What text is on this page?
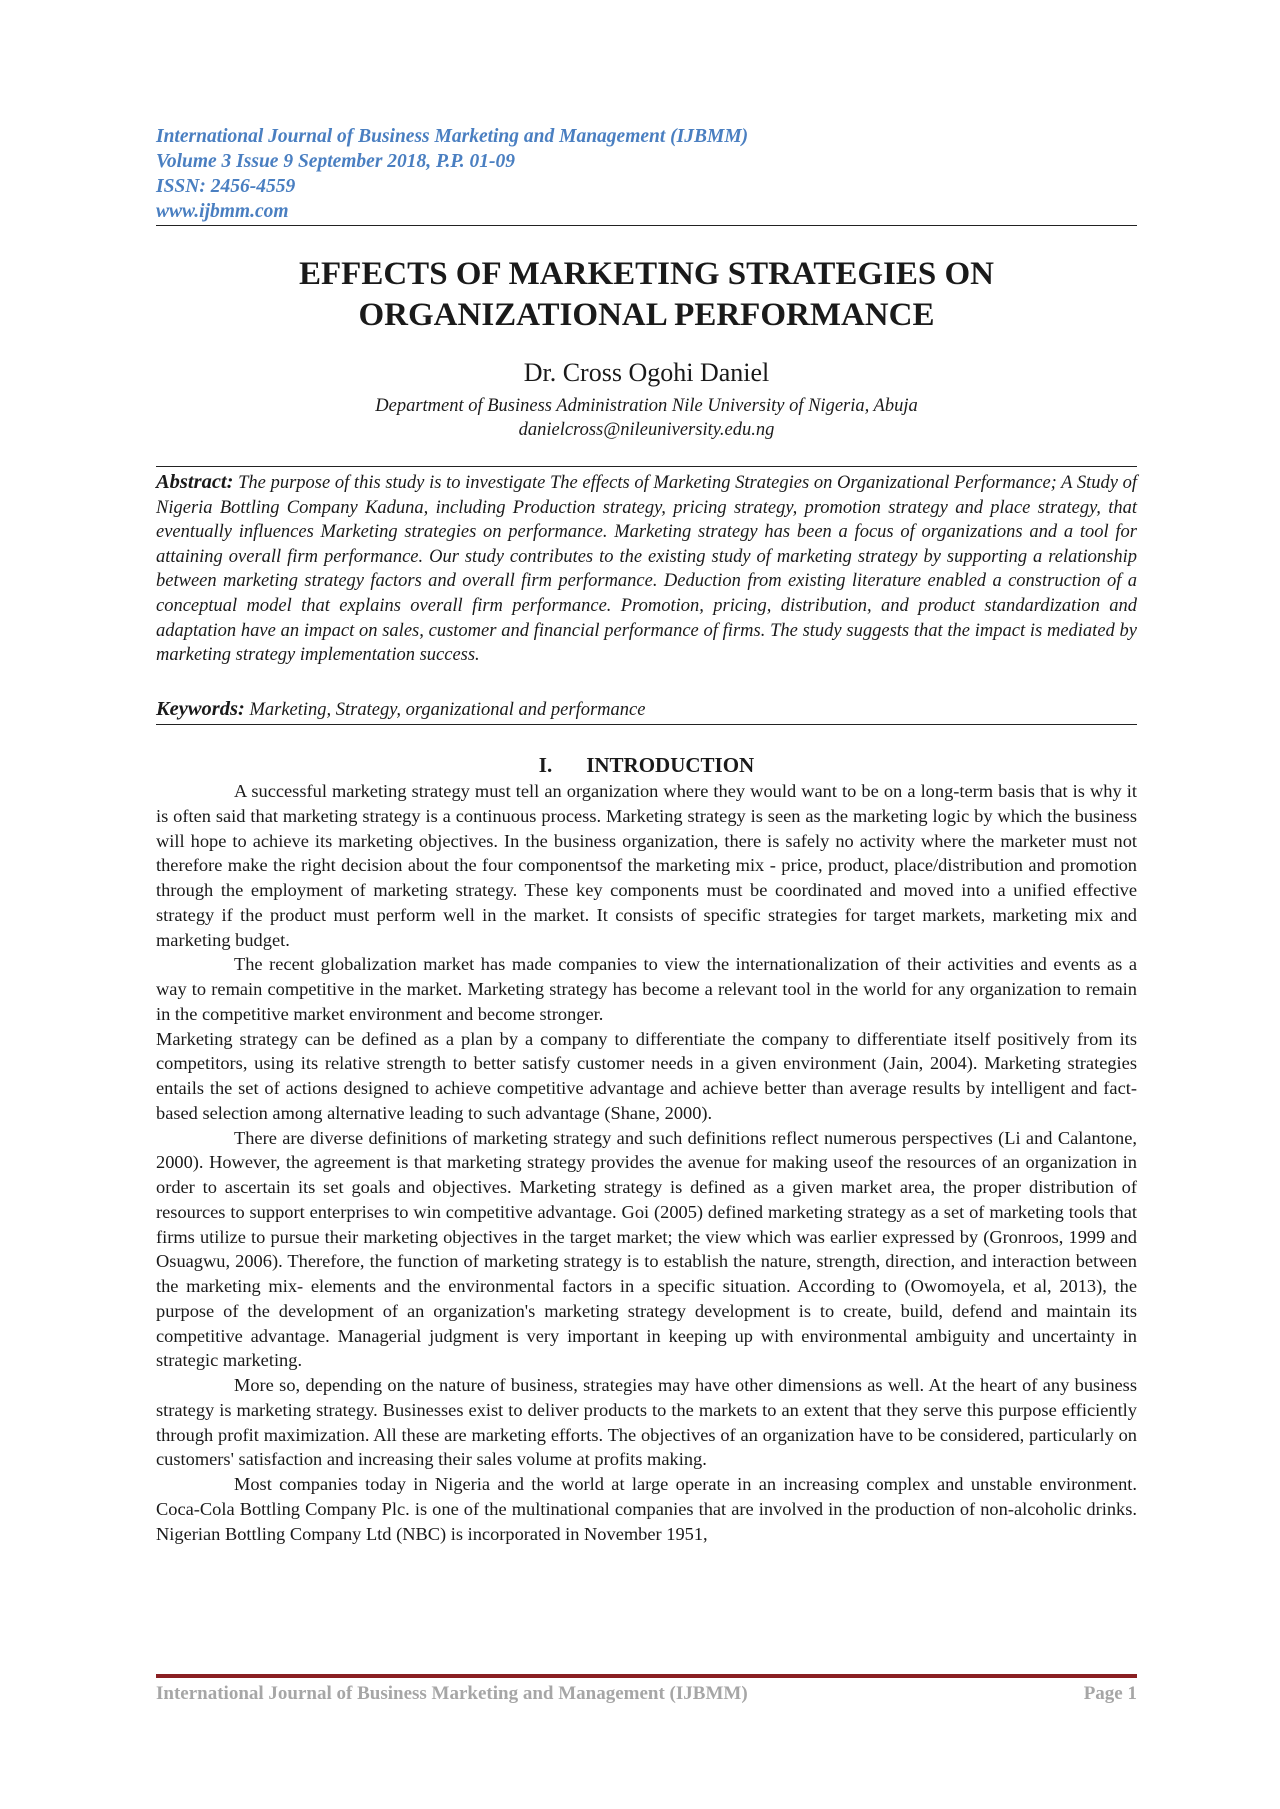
International Journal of Business Marketing and Management (IJBMM)
Volume 3 Issue 9 September 2018, P.P. 01-09
ISSN: 2456-4559
www.ijbmm.com
EFFECTS OF MARKETING STRATEGIES ON
ORGANIZATIONAL PERFORMANCE
Dr. Cross Ogohi Daniel
Department of Business Administration Nile University of Nigeria, Abuja
danielcross@nileuniversity.edu.ng

Abstract: The purpose of this study is to investigate The effects of Marketing Strategies on Organizational Performance; A Study of Nigeria Bottling Company Kaduna, including Production strategy, pricing strategy, promotion strategy and place strategy, that eventually influences Marketing strategies on performance. Marketing strategy has been a focus of organizations and a tool for attaining overall firm performance. Our study contributes to the existing study of marketing strategy by supporting a relationship between marketing strategy factors and overall firm performance. Deduction from existing literature enabled a construction of a conceptual model that explains overall firm performance. Promotion, pricing, distribution, and product standardization and adaptation have an impact on sales, customer and financial performance of firms. The study suggests that the impact is mediated by marketing strategy implementation success.

Keywords: Marketing, Strategy, organizational and performance

I. INTRODUCTION

A successful marketing strategy must tell an organization where they would want to be on a long-term basis that is why it is often said that marketing strategy is a continuous process. Marketing strategy is seen as the marketing logic by which the business will hope to achieve its marketing objectives. In the business organization, there is safely no activity where the marketer must not therefore make the right decision about the four componentsof the marketing mix - price, product, place/distribution and promotion through the employment of marketing strategy. These key components must be coordinated and moved into a unified effective strategy if the product must perform well in the market. It consists of specific strategies for target markets, marketing mix and marketing budget.

The recent globalization market has made companies to view the internationalization of their activities and events as a way to remain competitive in the market. Marketing strategy has become a relevant tool in the world for any organization to remain in the competitive market environment and become stronger.

Marketing strategy can be defined as a plan by a company to differentiate the company to differentiate itself positively from its competitors, using its relative strength to better satisfy customer needs in a given environment (Jain, 2004). Marketing strategies entails the set of actions designed to achieve competitive advantage and achieve better than average results by intelligent and fact-based selection among alternative leading to such advantage (Shane, 2000).

There are diverse definitions of marketing strategy and such definitions reflect numerous perspectives (Li and Calantone, 2000). However, the agreement is that marketing strategy provides the avenue for making useof the resources of an organization in order to ascertain its set goals and objectives. Marketing strategy is defined as a given market area, the proper distribution of resources to support enterprises to win competitive advantage. Goi (2005) defined marketing strategy as a set of marketing tools that firms utilize to pursue their marketing objectives in the target market; the view which was earlier expressed by (Gronroos, 1999 and Osuagwu, 2006). Therefore, the function of marketing strategy is to establish the nature, strength, direction, and interaction between the marketing mix- elements and the environmental factors in a specific situation. According to (Owomoyela, et al, 2013), the purpose of the development of an organization's marketing strategy development is to create, build, defend and maintain its competitive advantage. Managerial judgment is very important in keeping up with environmental ambiguity and uncertainty in strategic marketing.

More so, depending on the nature of business, strategies may have other dimensions as well. At the heart of any business strategy is marketing strategy. Businesses exist to deliver products to the markets to an extent that they serve this purpose efficiently through profit maximization. All these are marketing efforts. The objectives of an organization have to be considered, particularly on customers' satisfaction and increasing their sales volume at profits making.

Most companies today in Nigeria and the world at large operate in an increasing complex and unstable environment. Coca-Cola Bottling Company Plc. is one of the multinational companies that are involved in the production of non-alcoholic drinks. Nigerian Bottling Company Ltd (NBC) is incorporated in November 1951,

International Journal of Business Marketing and Management (IJBMM)	Page 1
